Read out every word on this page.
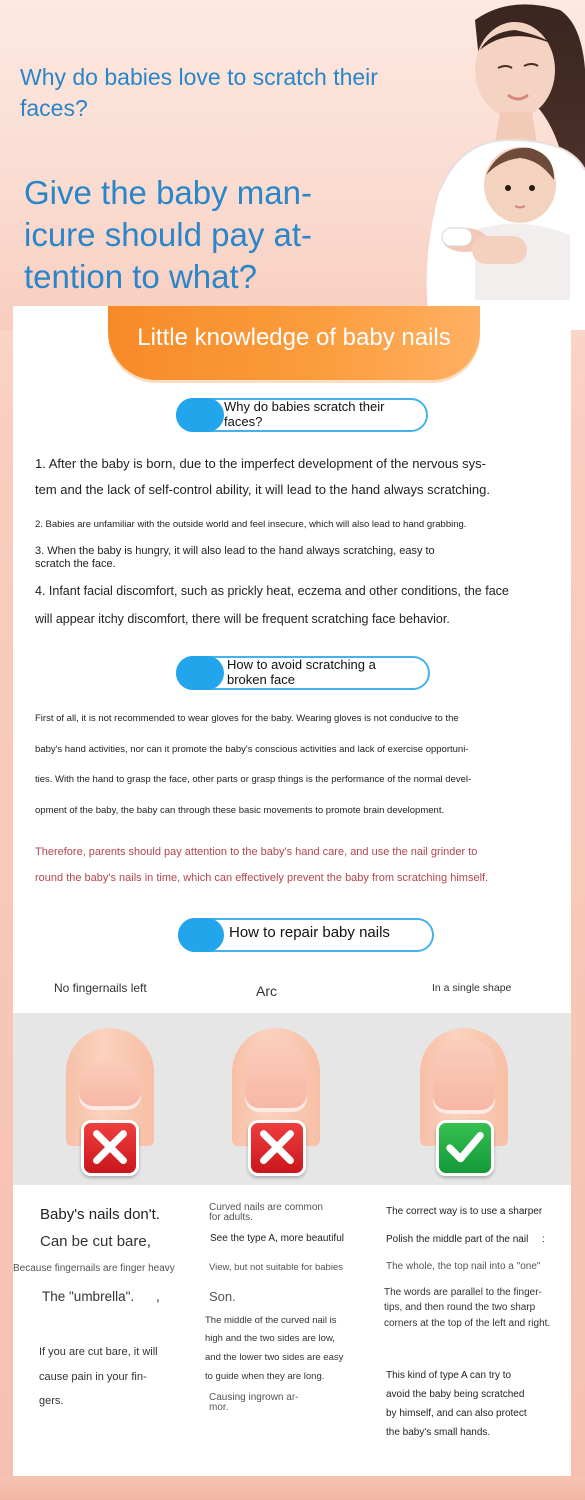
Why do babies love to scratch their faces?
Give the baby man-
icure should pay at-
tention to what?
Little knowledge of baby nails
Why do babies scratch their faces?
1. After the baby is born, due to the imperfect development of the nervous sys-
tem and the lack of self-control ability, it will lead to the hand always scratching.
2. Babies are unfamiliar with the outside world and feel insecure, which will also lead to hand grabbing.
3. When the baby is hungry, it will also lead to the hand always scratching, easy to
scratch the face.
4. Infant facial discomfort, such as prickly heat, eczema and other conditions, the face
will appear itchy discomfort, there will be frequent scratching face behavior.
How to avoid scratching a
broken face
First of all, it is not recommended to wear gloves for the baby. Wearing gloves is not conducive to the
baby's hand activities, nor can it promote the baby's conscious activities and lack of exercise opportuni-
ties. With the hand to grasp the face, other parts or grasp things is the performance of the normal devel-
opment of the baby, the baby can through these basic movements to promote brain development.
Therefore, parents should pay attention to the baby's hand care, and use the nail grinder to
round the baby's nails in time, which can effectively prevent the baby from scratching himself.
How to repair baby nails
No fingernails left	Arc	In a single shape
Baby's nails don't.
Can be cut bare,
Because fingernails are finger heavy
The "umbrella".	,
If you are cut bare, it will
cause pain in your fin-
gers.
Curved nails are common
for adults.
See the type A, more beautiful
View, but not suitable for babies
Son.
The middle of the curved nail is
high and the two sides are low,
and the lower two sides are easy
to guide when they are long.
Causing ingrown ar-
mor.
The correct way is to use a sharper
Polish the middle part of the nail	:
The whole, the top nail into a "one"
The words are parallel to the finger-
tips, and then round the two sharp
corners at the top of the left and right.
This kind of type A can try to
avoid the baby being scratched
by himself, and can also protect
the baby's small hands.
